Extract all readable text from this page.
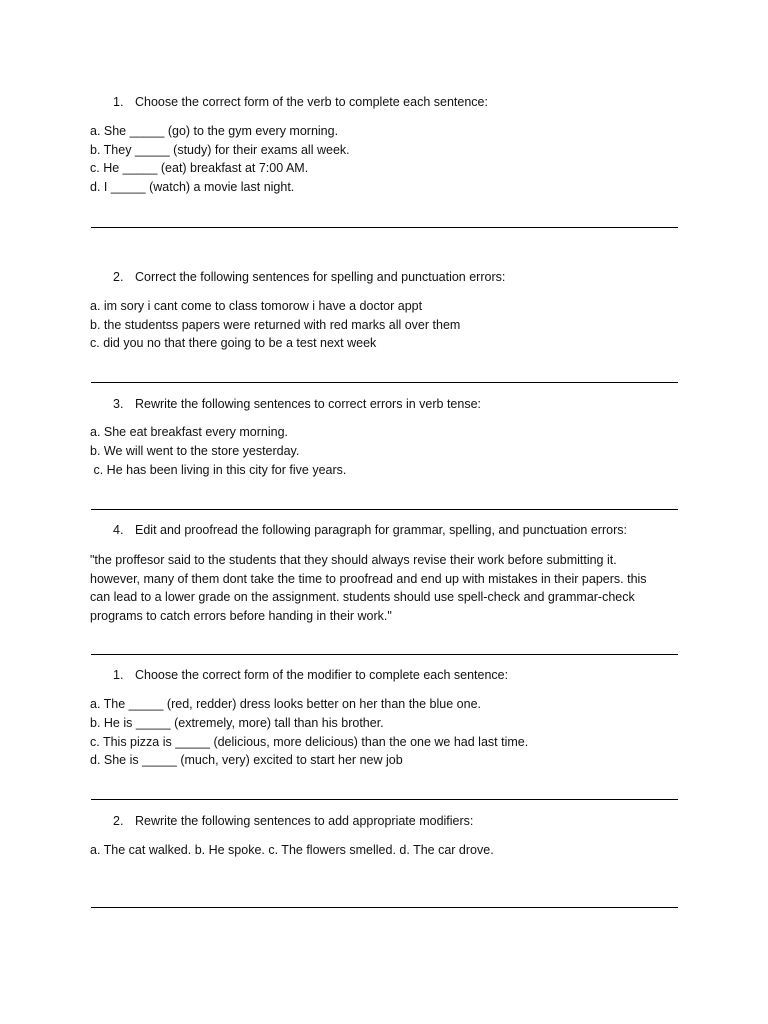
1. Choose the correct form of the verb to complete each sentence:
a. She _____ (go) to the gym every morning.
b. They _____ (study) for their exams all week.
c. He _____ (eat) breakfast at 7:00 AM.
d. I _____ (watch) a movie last night.
2. Correct the following sentences for spelling and punctuation errors:
a. im sory i cant come to class tomorow i have a doctor appt
b. the studentss papers were returned with red marks all over them
c. did you no that there going to be a test next week
3. Rewrite the following sentences to correct errors in verb tense:
a. She eat breakfast every morning.
b. We will went to the store yesterday.
c. He has been living in this city for five years.
4. Edit and proofread the following paragraph for grammar, spelling, and punctuation errors:
"the proffesor said to the students that they should always revise their work before submitting it.
however, many of them dont take the time to proofread and end up with mistakes in their papers. this
can lead to a lower grade on the assignment. students should use spell-check and grammar-check
programs to catch errors before handing in their work."
1. Choose the correct form of the modifier to complete each sentence:
a. The _____ (red, redder) dress looks better on her than the blue one.
b. He is _____ (extremely, more) tall than his brother.
c. This pizza is _____ (delicious, more delicious) than the one we had last time.
d. She is _____ (much, very) excited to start her new job
2. Rewrite the following sentences to add appropriate modifiers:
a. The cat walked. b. He spoke. c. The flowers smelled. d. The car drove.
